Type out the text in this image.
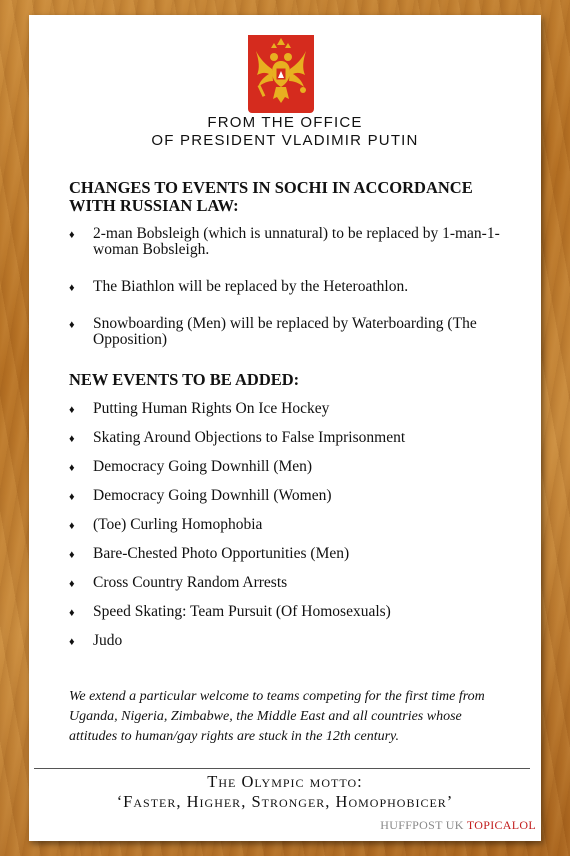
FROM THE OFFICE
OF PRESIDENT VLADIMIR PUTIN
CHANGES TO EVENTS IN SOCHI IN ACCORDANCE WITH RUSSIAN LAW:
♦ 2-man Bobsleigh (which is unnatural) to be replaced by 1-man-1-woman Bobsleigh.
♦ The Biathlon will be replaced by the Heteroathlon.
♦ Snowboarding (Men) will be replaced by Waterboarding (The Opposition)
NEW EVENTS TO BE ADDED:
♦ Putting Human Rights On Ice Hockey
♦ Skating Around Objections to False Imprisonment
♦ Democracy Going Downhill (Men)
♦ Democracy Going Downhill (Women)
♦ (Toe) Curling Homophobia
♦ Bare-Chested Photo Opportunities (Men)
♦ Cross Country Random Arrests
♦ Speed Skating: Team Pursuit (Of Homosexuals)
♦ Judo
We extend a particular welcome to teams competing for the first time from Uganda, Nigeria, Zimbabwe, the Middle East and all countries whose attitudes to human/gay rights are stuck in the 12th century.
The Olympic motto:
‘Faster, Higher, Stronger, Homophobicer’
HUFFPOST UK TOPICALOL
